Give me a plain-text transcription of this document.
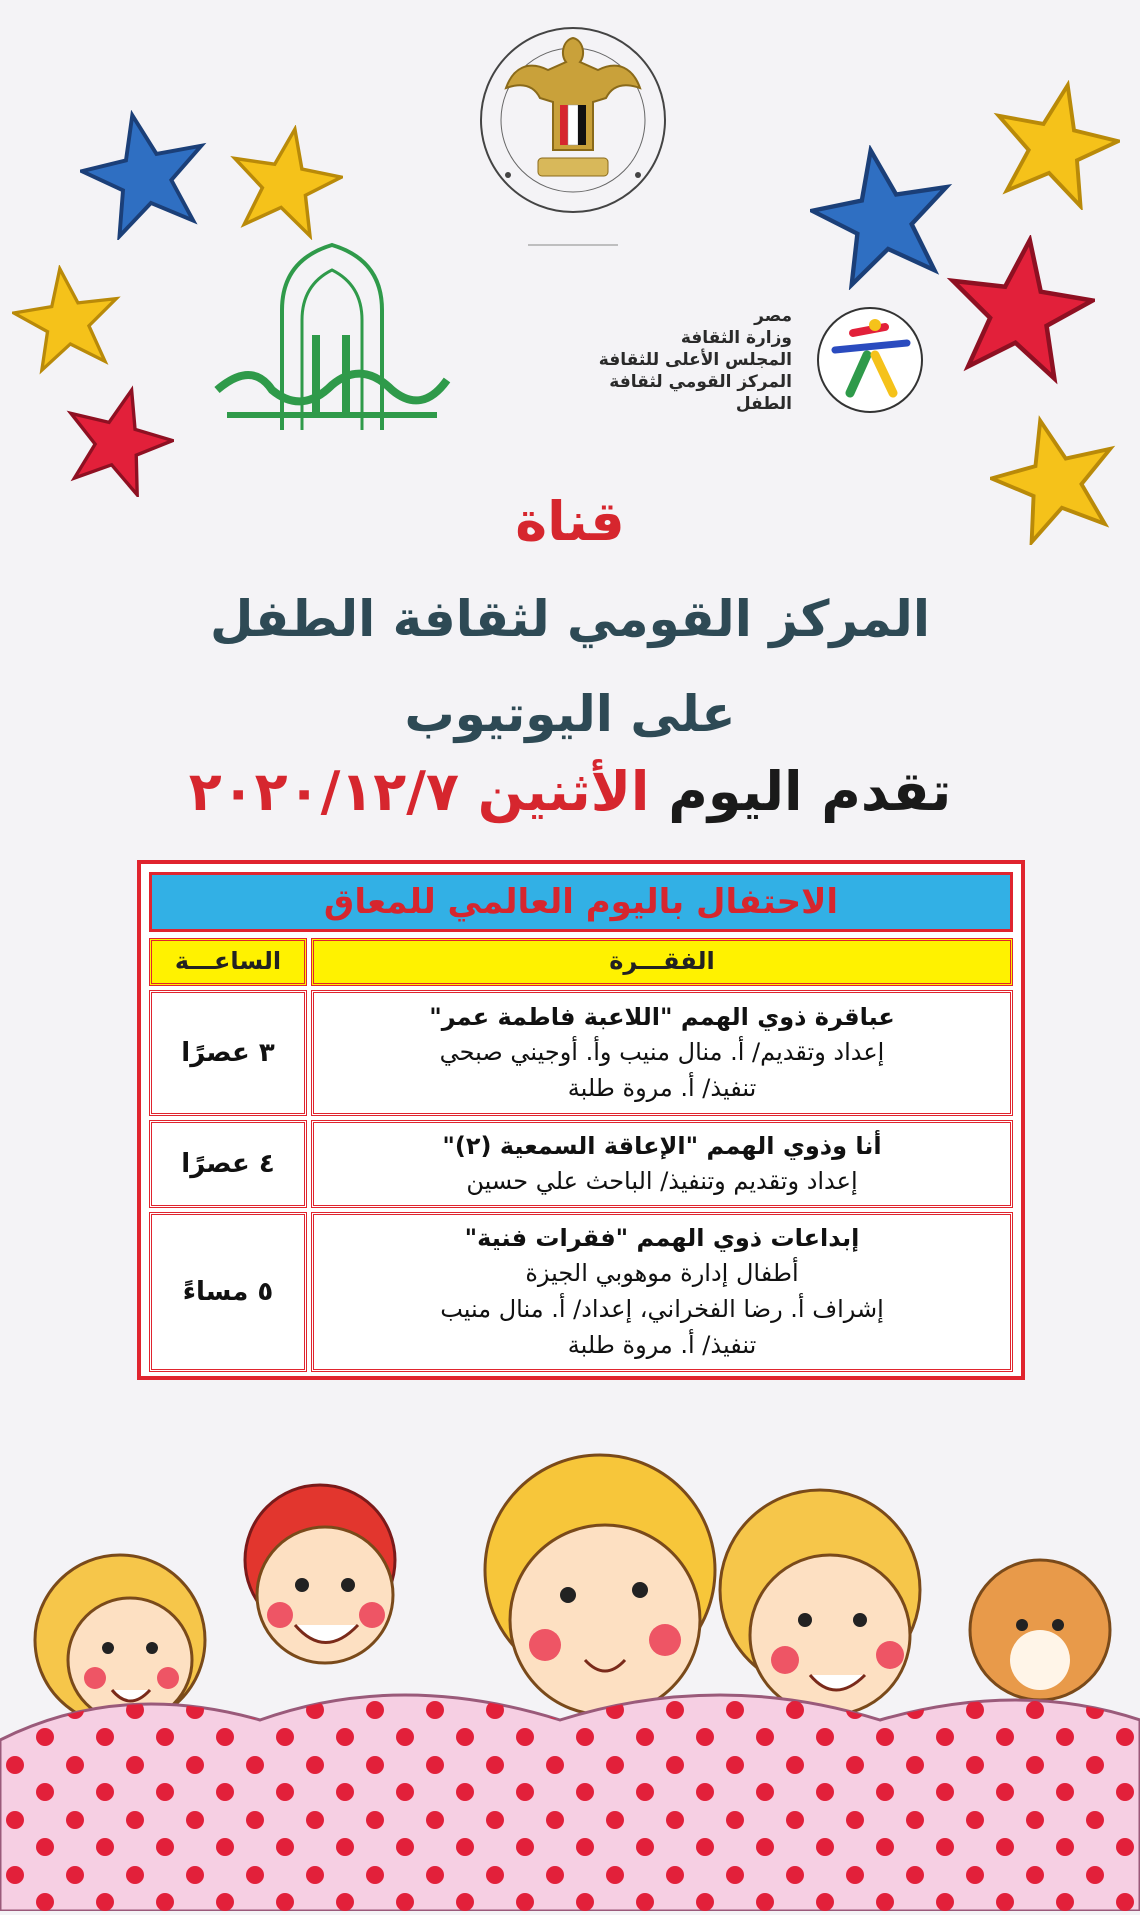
مصر
وزارة الثقافة
المجلس الأعلى للثقافة
المركز القومي لثقافة الطفل
قناة
المركز القومي لثقافة الطفل
على اليوتيوب
تقدم اليوم الأثنين ٢٠٢٠/١٢/٧
الاحتفال باليوم العالمي للمعاق
الفقـــرة
الساعـــة
عباقرة ذوي الهمم "اللاعبة فاطمة عمر"
إعداد وتقديم/ أ. منال منيب وأ. أوجيني صبحي
تنفيذ/ أ. مروة طلبة
٣ عصرًا
أنا وذوي الهمم "الإعاقة السمعية (٢)"
إعداد وتقديم وتنفيذ/ الباحث علي حسين
٤ عصرًا
إبداعات ذوي الهمم "فقرات فنية"
أطفال إدارة موهوبي الجيزة
إشراف أ. رضا الفخراني، إعداد/ أ. منال منيب
تنفيذ/ أ. مروة طلبة
٥ مساءً
